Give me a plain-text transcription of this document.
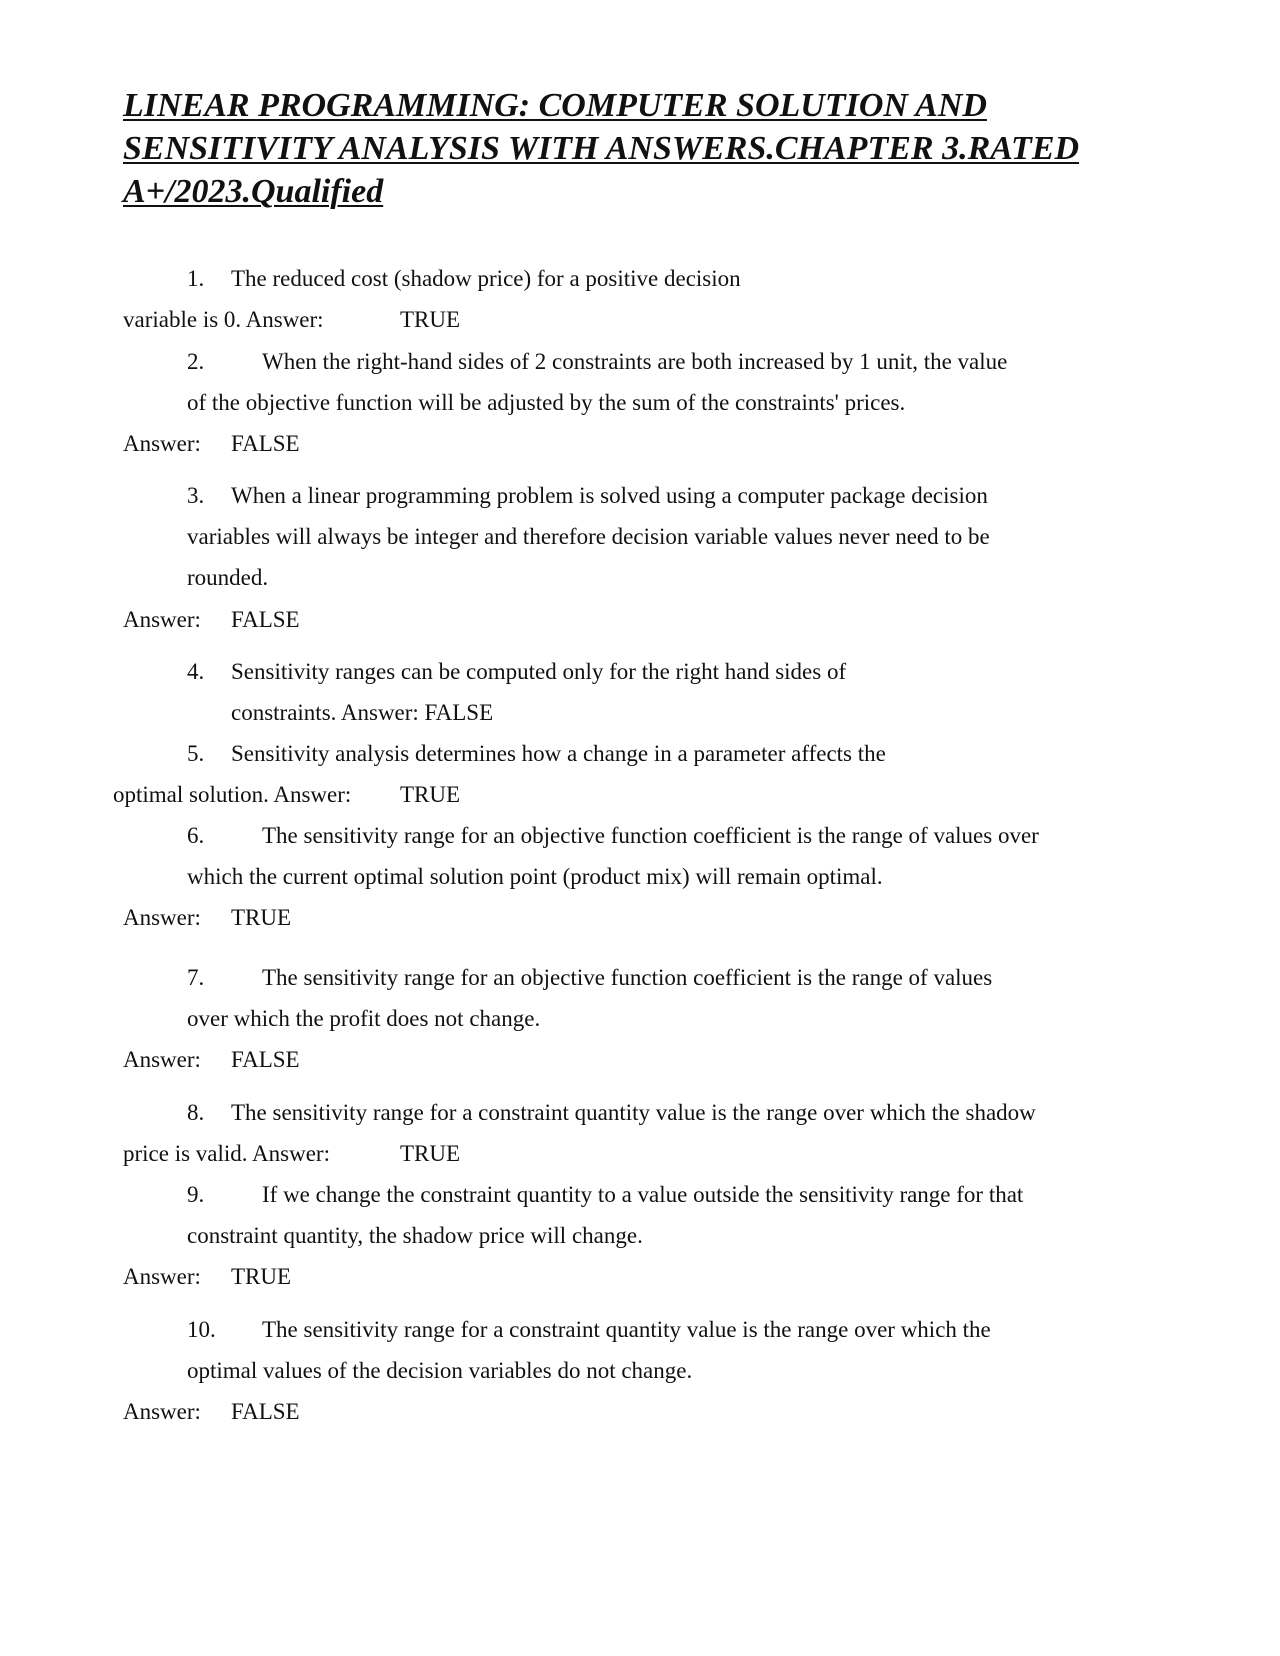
LINEAR PROGRAMMING: COMPUTER SOLUTION AND SENSITIVITY ANALYSIS WITH ANSWERS.CHAPTER 3.RATED A+/2023.Qualified
1. The reduced cost (shadow price) for a positive decision
variable is 0. Answer:	TRUE
2.	When the right-hand sides of 2 constraints are both increased by 1 unit, the value
of the objective function will be adjusted by the sum of the constraints' prices.
Answer: FALSE
3. When a linear programming problem is solved using a computer package decision
variables will always be integer and therefore decision variable values never need to be
rounded.
Answer: FALSE
4. Sensitivity ranges can be computed only for the right hand sides of
constraints. Answer: FALSE
5. Sensitivity analysis determines how a change in a parameter affects the
optimal solution. Answer: TRUE
6.	The sensitivity range for an objective function coefficient is the range of values over
which the current optimal solution point (product mix) will remain optimal.
Answer: TRUE
7.	The sensitivity range for an objective function coefficient is the range of values
over which the profit does not change.
Answer: FALSE
8. The sensitivity range for a constraint quantity value is the range over which the shadow
price is valid. Answer:	TRUE
9.	If we change the constraint quantity to a value outside the sensitivity range for that
constraint quantity, the shadow price will change.
Answer: TRUE
10. The sensitivity range for a constraint quantity value is the range over which the
optimal values of the decision variables do not change.
Answer: FALSE
